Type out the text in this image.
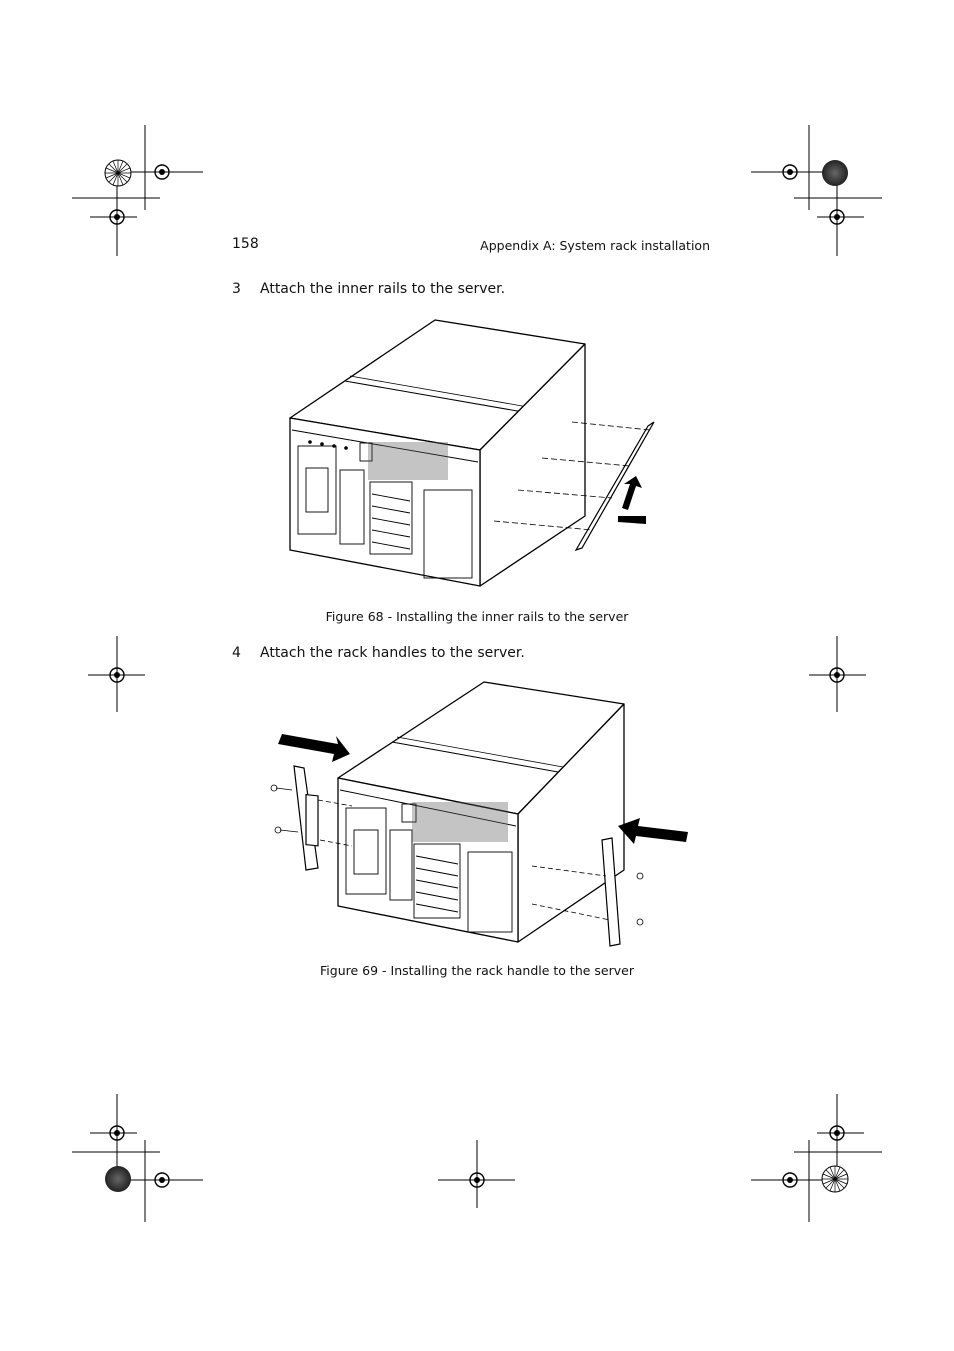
158	Appendix A: System rack installation
3 Attach the inner rails to the server.
Figure 68 - Installing the inner rails to the server
4 Attach the rack handles to the server.
Figure 69 - Installing the rack handle to the server
